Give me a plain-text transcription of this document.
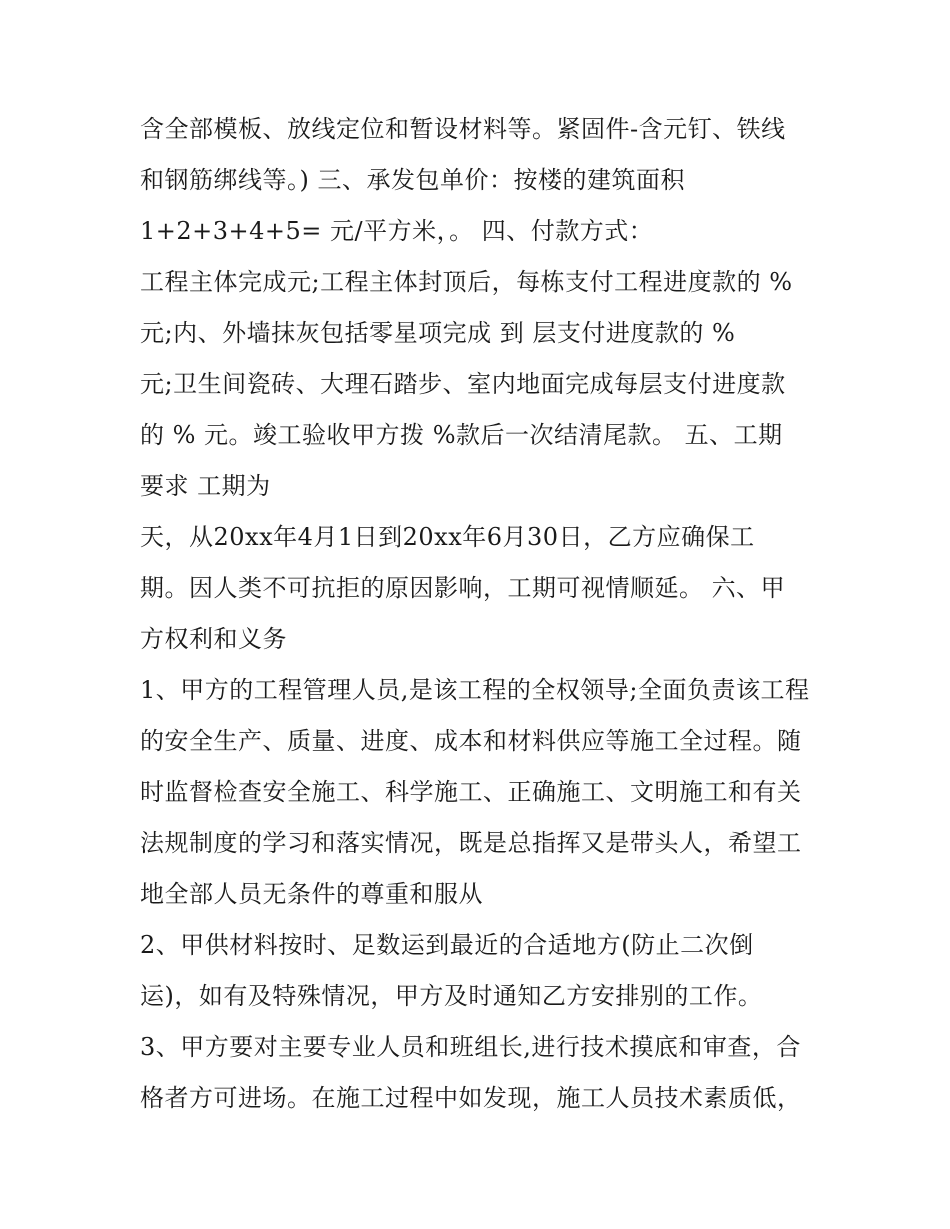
含全部模板、放线定位和暂设材料等。紧固件-含元钉、铁线
和钢筋绑线等。) 三、承发包单价：按楼的建筑面积
1+2+3+4+5= 元/平方米，。 四、付款方式：
工程主体完成元;工程主体封顶后，每栋支付工程进度款的 %
元;内、外墙抹灰包括零星项完成 到 层支付进度款的 %
元;卫生间瓷砖、大理石踏步、室内地面完成每层支付进度款
的 % 元。竣工验收甲方拨 %款后一次结清尾款。 五、工期
要求 工期为
天，从20xx年4月1日到20xx年6月30日，乙方应确保工
期。因人类不可抗拒的原因影响，工期可视情顺延。 六、甲
方权利和义务
1、甲方的工程管理人员,是该工程的全权领导;全面负责该工程
的安全生产、质量、进度、成本和材料供应等施工全过程。随
时监督检查安全施工、科学施工、正确施工、文明施工和有关
法规制度的学习和落实情况，既是总指挥又是带头人，希望工
地全部人员无条件的尊重和服从
2、甲供材料按时、足数运到最近的合适地方(防止二次倒
运)，如有及特殊情况，甲方及时通知乙方安排别的工作。
3、甲方要对主要专业人员和班组长,进行技术摸底和审查，合
格者方可进场。在施工过程中如发现，施工人员技术素质低，
